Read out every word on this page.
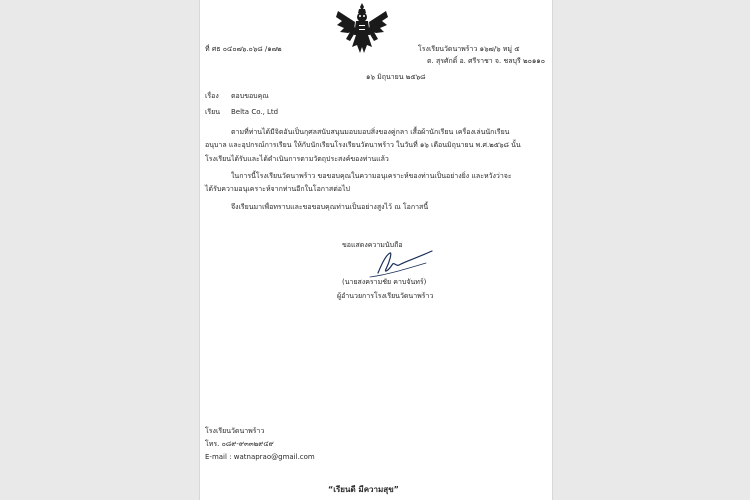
ที่ ศธ ๐๔๐๗๖.๐๖๘ /๑๗๒	โรงเรียนวัดนาพร้าว ๑๖๗/๖ หมู่ ๕
ต. สุรศักดิ์ อ. ศรีราชา จ. ชลบุรี ๒๐๑๑๐
๑๖ มิถุนายน ๒๕๖๘
เรื่อง ตอบขอบคุณ
เรียน Belta Co., Ltd
ตามที่ท่านได้มีจิตอันเป็นกุศลสนับสนุนมอบมอบสิ่งของคู่กลา เสื้อผ้านักเรียน เครื่องเล่นนักเรียน
อนุบาล และอุปกรณ์การเรียน ให้กับนักเรียนโรงเรียนวัดนาพร้าว ในวันที่ ๑๖ เดือนมิถุนายน พ.ศ.๒๕๖๘ นั้น
โรงเรียนได้รับและได้ดำเนินการตามวัตถุประสงค์ของท่านแล้ว
ในการนี้โรงเรียนวัดนาพร้าว ขอขอบคุณในความอนุเคราะห์ของท่านเป็นอย่างยิ่ง และหวังว่าจะ
ได้รับความอนุเคราะห์จากท่านอีกในโอกาสต่อไป
จึงเรียนมาเพื่อทราบและขอขอบคุณท่านเป็นอย่างสูงไว้ ณ โอกาสนี้
ขอแสดงความนับถือ
(นายสงครามชัย คาบจันทร์)
ผู้อำนวยการโรงเรียนวัดนาพร้าว
โรงเรียนวัดนาพร้าว
โทร. ๐๘๙-๙๓๓๒๙๔๙
E-mail : watnaprao@gmail.com
“เรียนดี มีความสุข”
